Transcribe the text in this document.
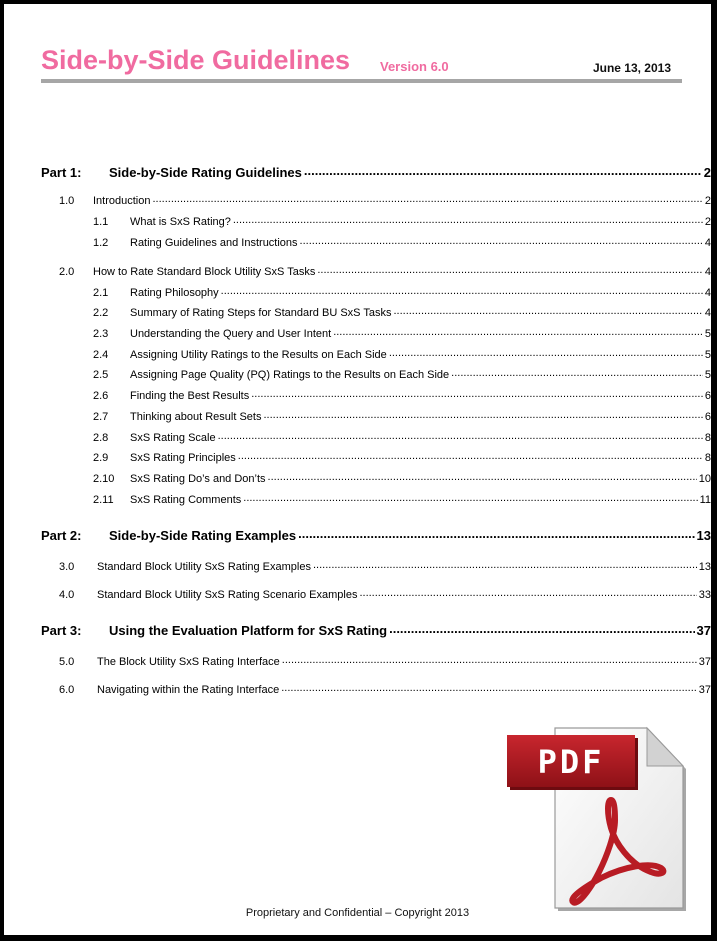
Side-by-Side Guidelines Version 6.0	June 13, 2013
Part 1:	Side-by-Side Rating Guidelines .....	2
1.0	Introduction .....	2
1.1	What is SxS Rating? .....	2
1.2	Rating Guidelines and Instructions .....	4
2.0	How to Rate Standard Block Utility SxS Tasks .....	4
2.1	Rating Philosophy .....	4
2.2	Summary of Rating Steps for Standard BU SxS Tasks .....	4
2.3	Understanding the Query and User Intent .....	5
2.4	Assigning Utility Ratings to the Results on Each Side .....	5
2.5	Assigning Page Quality (PQ) Ratings to the Results on Each Side .....	5
2.6	Finding the Best Results .....	6
2.7	Thinking about Result Sets .....	6
2.8	SxS Rating Scale .....	8
2.9	SxS Rating Principles .....	8
2.10	SxS Rating Do’s and Don’ts .....	10
2.11	SxS Rating Comments .....	11
Part 2:	Side-by-Side Rating Examples .....	13
3.0	Standard Block Utility SxS Rating Examples .....	13
4.0	Standard Block Utility SxS Rating Scenario Examples .....	33
Part 3:	Using the Evaluation Platform for SxS Rating .....	37
5.0	The Block Utility SxS Rating Interface .....	37
6.0	Navigating within the Rating Interface .....	37
PDF
Proprietary and Confidential – Copyright 2013
